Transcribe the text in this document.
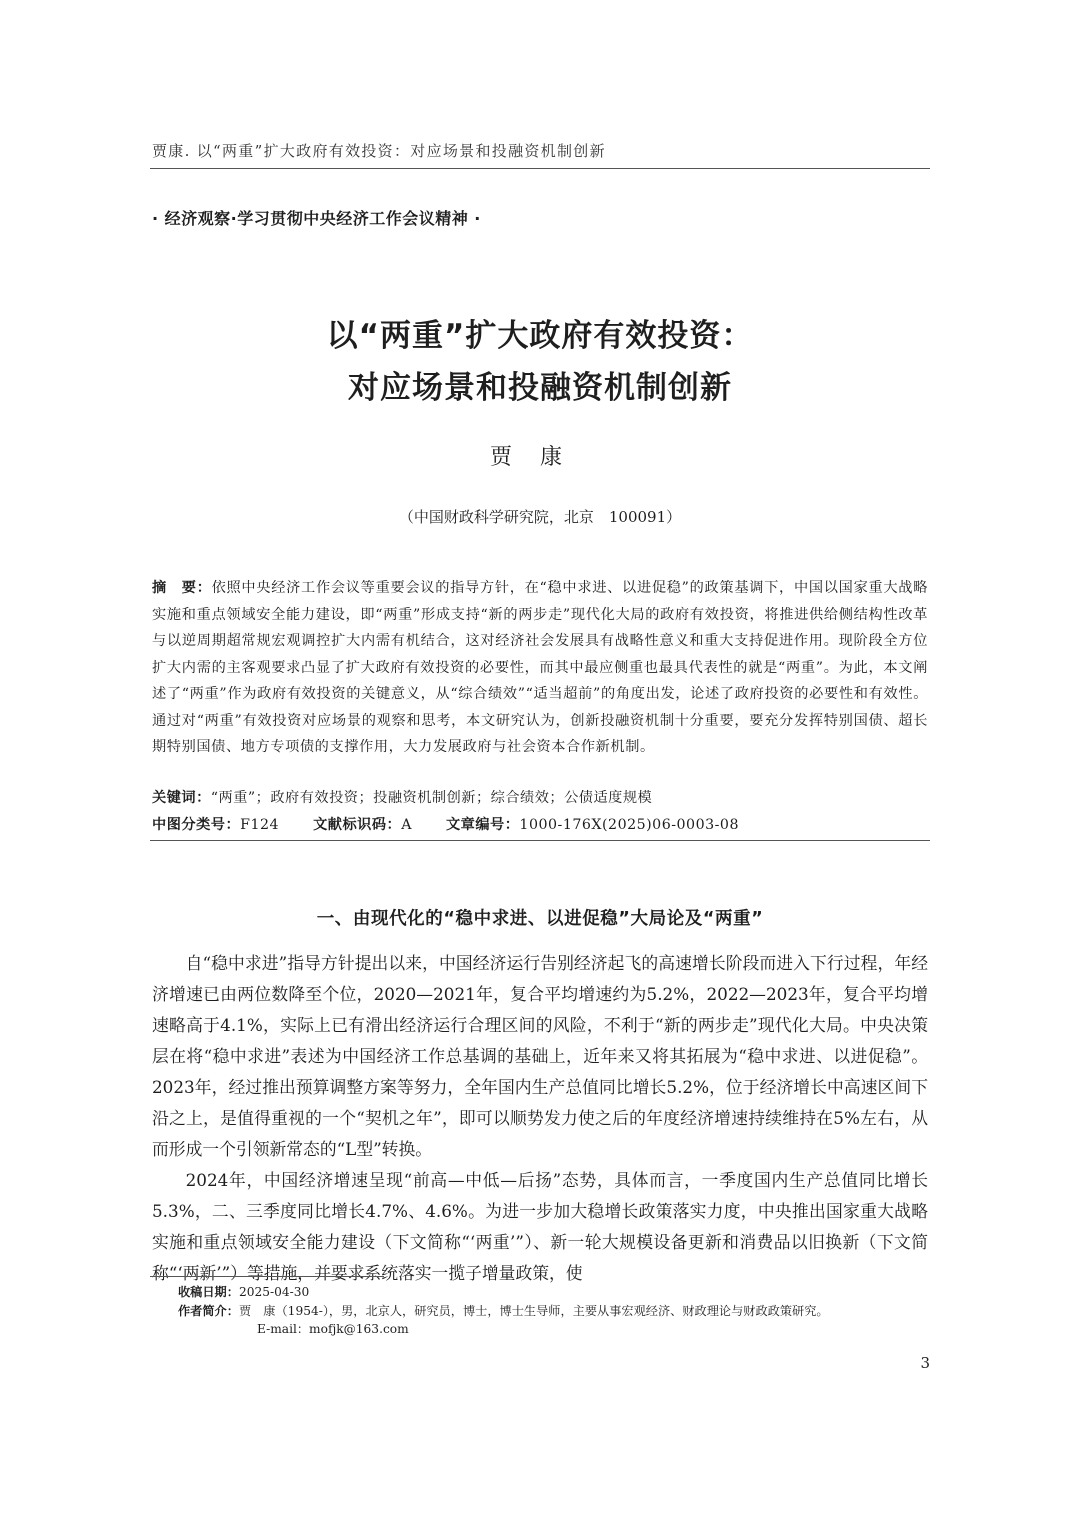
贾康. 以“两重”扩大政府有效投资：对应场景和投融资机制创新
· 经济观察·学习贯彻中央经济工作会议精神 ·
以“两重”扩大政府有效投资：
对应场景和投融资机制创新
贾康
（中国财政科学研究院，北京　100091）
摘　要：依照中央经济工作会议等重要会议的指导方针，在“稳中求进、以进促稳”的政策基调下，中国以国家重大战略实施和重点领域安全能力建设，即“两重”形成支持“新的两步走”现代化大局的政府有效投资，将推进供给侧结构性改革与以逆周期超常规宏观调控扩大内需有机结合，这对经济社会发展具有战略性意义和重大支持促进作用。现阶段全方位扩大内需的主客观要求凸显了扩大政府有效投资的必要性，而其中最应侧重也最具代表性的就是“两重”。为此，本文阐述了“两重”作为政府有效投资的关键意义，从“综合绩效”“适当超前”的角度出发，论述了政府投资的必要性和有效性。通过对“两重”有效投资对应场景的观察和思考，本文研究认为，创新投融资机制十分重要，要充分发挥特别国债、超长期特别国债、地方专项债的支撑作用，大力发展政府与社会资本合作新机制。
关键词：“两重”；政府有效投资；投融资机制创新；综合绩效；公债适度规模
中图分类号：F124 文献标识码：A 文章编号：1000-176X(2025)06-0003-08
一、由现代化的“稳中求进、以进促稳”大局论及“两重”

自“稳中求进”指导方针提出以来，中国经济运行告别经济起飞的高速增长阶段而进入下行过程，年经济增速已由两位数降至个位，2020—2021年，复合平均增速约为5.2%，2022—2023年，复合平均增速略高于4.1%，实际上已有滑出经济运行合理区间的风险，不利于“新的两步走”现代化大局。中央决策层在将“稳中求进”表述为中国经济工作总基调的基础上，近年来又将其拓展为“稳中求进、以进促稳”。2023年，经过推出预算调整方案等努力，全年国内生产总值同比增长5.2%，位于经济增长中高速区间下沿之上，是值得重视的一个“契机之年”，即可以顺势发力使之后的年度经济增速持续维持在5%左右，从而形成一个引领新常态的“L型”转换。

2024年，中国经济增速呈现“前高—中低—后扬”态势，具体而言，一季度国内生产总值同比增长5.3%，二、三季度同比增长4.7%、4.6%。为进一步加大稳增长政策落实力度，中央推出国家重大战略实施和重点领域安全能力建设（下文简称“‘两重’”）、新一轮大规模设备更新和消费品以旧换新（下文简称“‘两新’”）等措施，并要求系统落实一揽子增量政策，使

收稿日期：2025-04-30
作者简介：贾　康（1954-），男，北京人，研究员，博士，博士生导师，主要从事宏观经济、财政理论与财政政策研究。
E-mail：mofjk@163.com
3
